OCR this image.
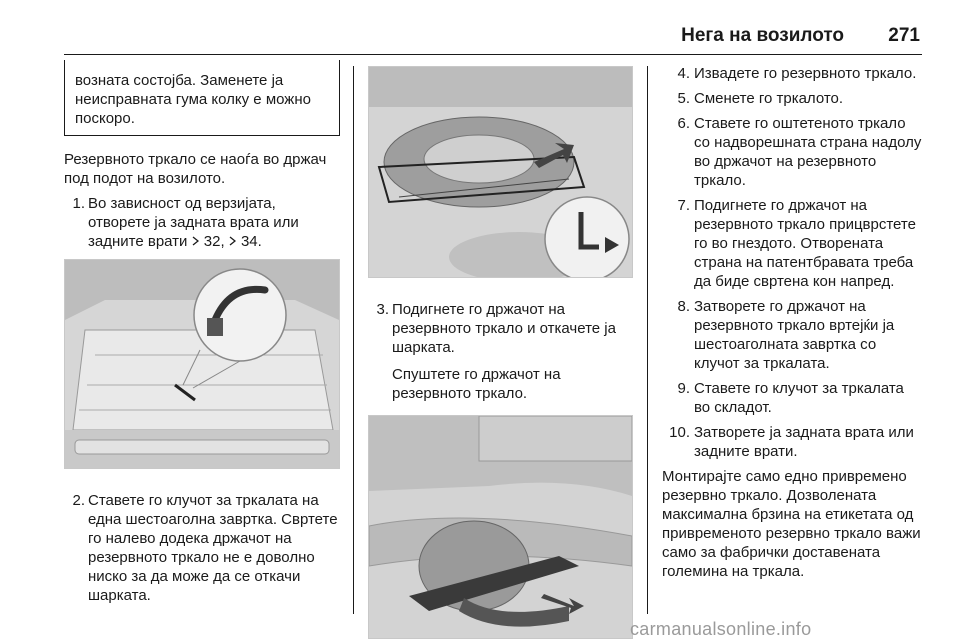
Нега на возилото 271

возната состојба. Заменете ја неисправната гума колку е можно поскоро.

Резервното тркало се наоѓа во држач под подот на возилото.

1. Во зависност од верзијата, отворете ја задната врата или задните врати 32, 34.
2. Ставете го клучот за тркалата на една шестоаголна завртка. Свртете го налево додека држачот на резервното тркало не е доволно ниско за да може да се откачи шарката.
3. Подигнете го држачот на резервното тркало и откачете ја шарката.

Спуштете го држачот на резервното тркало.

4. Извадете го резервното тркало.
5. Сменете го тркалото.
6. Ставете го оштетеното тркало со надворешната страна надолу во држачот на резервното тркало.
7. Подигнете го држачот на резервното тркало прицврстете го во гнездото. Отворената страна на патентбравата треба да биде свртена кон напред.
8. Затворете го држачот на резервното тркало вртејќи ја шестоаголната завртка со клучот за тркалата.
9. Ставете го клучот за тркалата во складот.
10. Затворете ја задната врата или задните врати.

Монтирајте само едно привремено резервно тркало. Дозволената максимална брзина на етикетата од привременото резервно тркало важи само за фабрички доставената големина на тркала.

carmanualsonline.info
